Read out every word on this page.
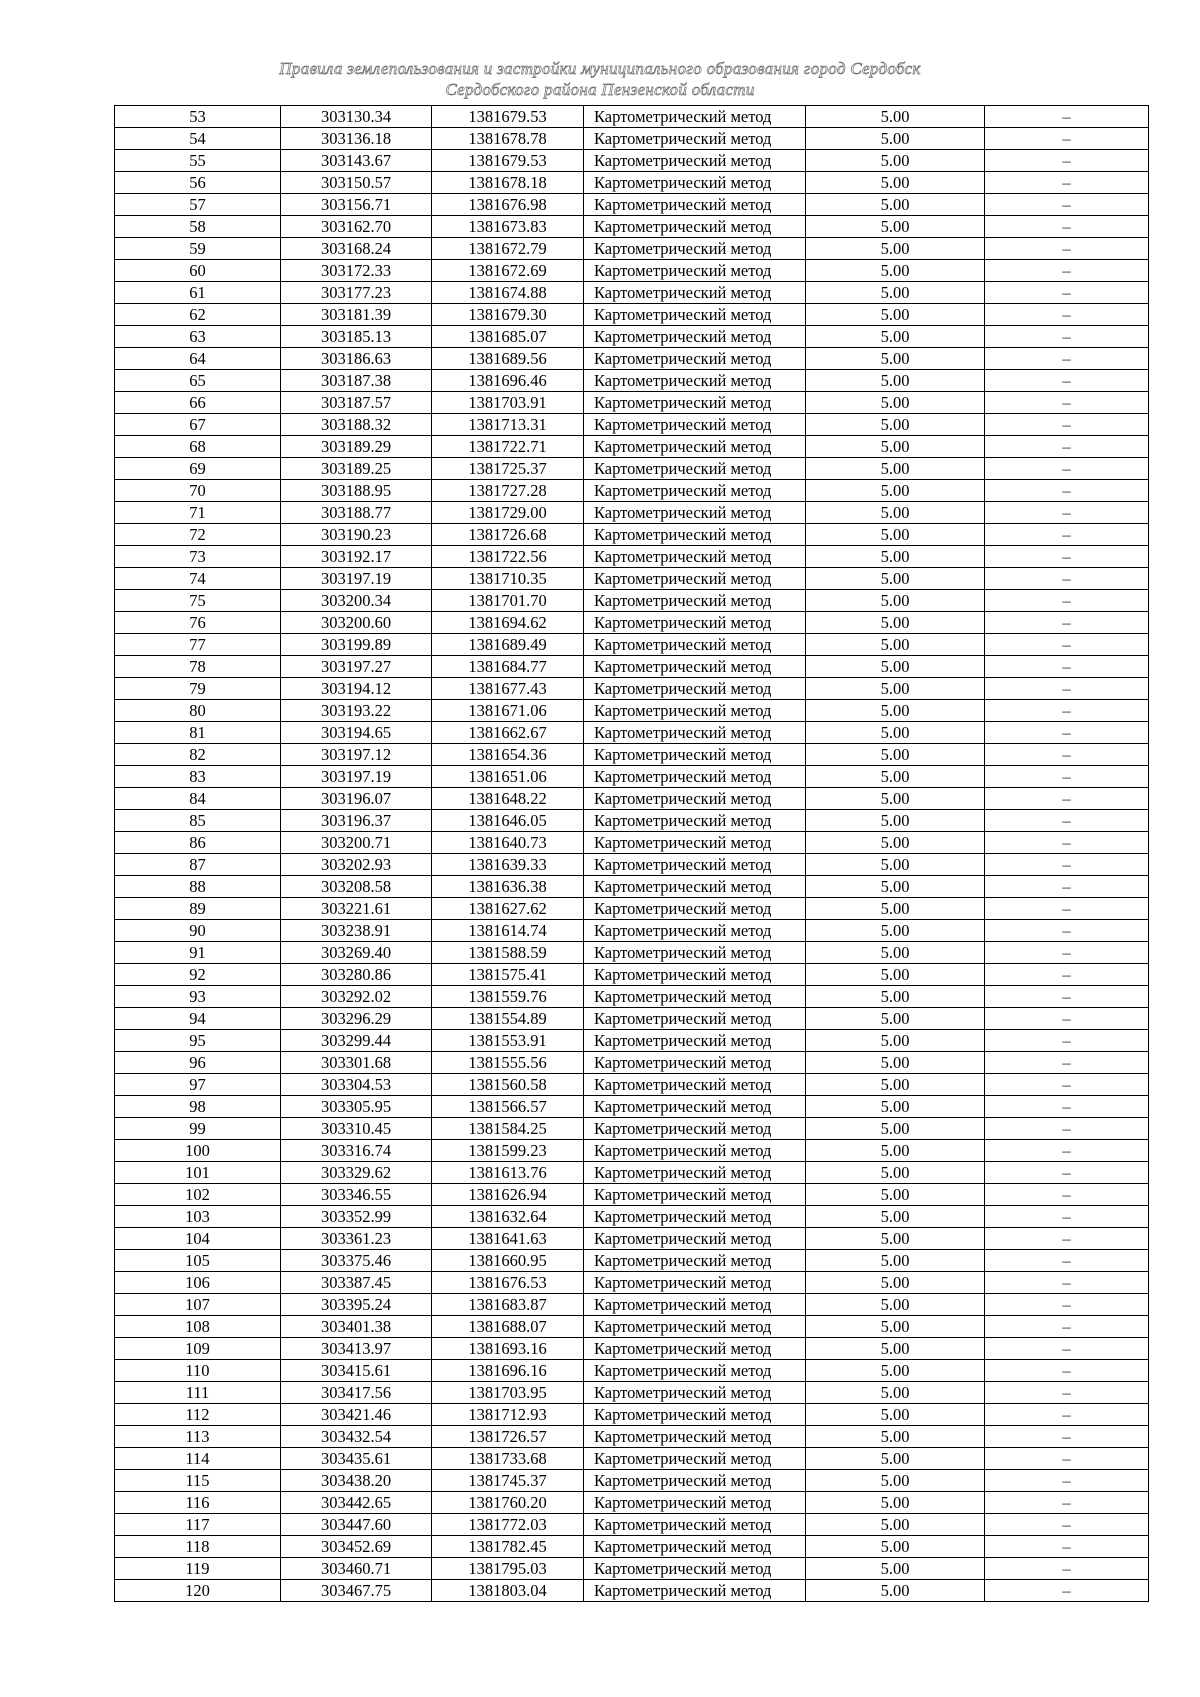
Правила землепользования и застройки муниципального образования город Сердобск
Сердобского района Пензенской области
53	303130.34	1381679.53	Картометрический метод	5.00	–
54	303136.18	1381678.78	Картометрический метод	5.00	–
55	303143.67	1381679.53	Картометрический метод	5.00	–
56	303150.57	1381678.18	Картометрический метод	5.00	–
57	303156.71	1381676.98	Картометрический метод	5.00	–
58	303162.70	1381673.83	Картометрический метод	5.00	–
59	303168.24	1381672.79	Картометрический метод	5.00	–
60	303172.33	1381672.69	Картометрический метод	5.00	–
61	303177.23	1381674.88	Картометрический метод	5.00	–
62	303181.39	1381679.30	Картометрический метод	5.00	–
63	303185.13	1381685.07	Картометрический метод	5.00	–
64	303186.63	1381689.56	Картометрический метод	5.00	–
65	303187.38	1381696.46	Картометрический метод	5.00	–
66	303187.57	1381703.91	Картометрический метод	5.00	–
67	303188.32	1381713.31	Картометрический метод	5.00	–
68	303189.29	1381722.71	Картометрический метод	5.00	–
69	303189.25	1381725.37	Картометрический метод	5.00	–
70	303188.95	1381727.28	Картометрический метод	5.00	–
71	303188.77	1381729.00	Картометрический метод	5.00	–
72	303190.23	1381726.68	Картометрический метод	5.00	–
73	303192.17	1381722.56	Картометрический метод	5.00	–
74	303197.19	1381710.35	Картометрический метод	5.00	–
75	303200.34	1381701.70	Картометрический метод	5.00	–
76	303200.60	1381694.62	Картометрический метод	5.00	–
77	303199.89	1381689.49	Картометрический метод	5.00	–
78	303197.27	1381684.77	Картометрический метод	5.00	–
79	303194.12	1381677.43	Картометрический метод	5.00	–
80	303193.22	1381671.06	Картометрический метод	5.00	–
81	303194.65	1381662.67	Картометрический метод	5.00	–
82	303197.12	1381654.36	Картометрический метод	5.00	–
83	303197.19	1381651.06	Картометрический метод	5.00	–
84	303196.07	1381648.22	Картометрический метод	5.00	–
85	303196.37	1381646.05	Картометрический метод	5.00	–
86	303200.71	1381640.73	Картометрический метод	5.00	–
87	303202.93	1381639.33	Картометрический метод	5.00	–
88	303208.58	1381636.38	Картометрический метод	5.00	–
89	303221.61	1381627.62	Картометрический метод	5.00	–
90	303238.91	1381614.74	Картометрический метод	5.00	–
91	303269.40	1381588.59	Картометрический метод	5.00	–
92	303280.86	1381575.41	Картометрический метод	5.00	–
93	303292.02	1381559.76	Картометрический метод	5.00	–
94	303296.29	1381554.89	Картометрический метод	5.00	–
95	303299.44	1381553.91	Картометрический метод	5.00	–
96	303301.68	1381555.56	Картометрический метод	5.00	–
97	303304.53	1381560.58	Картометрический метод	5.00	–
98	303305.95	1381566.57	Картометрический метод	5.00	–
99	303310.45	1381584.25	Картометрический метод	5.00	–
100	303316.74	1381599.23	Картометрический метод	5.00	–
101	303329.62	1381613.76	Картометрический метод	5.00	–
102	303346.55	1381626.94	Картометрический метод	5.00	–
103	303352.99	1381632.64	Картометрический метод	5.00	–
104	303361.23	1381641.63	Картометрический метод	5.00	–
105	303375.46	1381660.95	Картометрический метод	5.00	–
106	303387.45	1381676.53	Картометрический метод	5.00	–
107	303395.24	1381683.87	Картометрический метод	5.00	–
108	303401.38	1381688.07	Картометрический метод	5.00	–
109	303413.97	1381693.16	Картометрический метод	5.00	–
110	303415.61	1381696.16	Картометрический метод	5.00	–
111	303417.56	1381703.95	Картометрический метод	5.00	–
112	303421.46	1381712.93	Картометрический метод	5.00	–
113	303432.54	1381726.57	Картометрический метод	5.00	–
114	303435.61	1381733.68	Картометрический метод	5.00	–
115	303438.20	1381745.37	Картометрический метод	5.00	–
116	303442.65	1381760.20	Картометрический метод	5.00	–
117	303447.60	1381772.03	Картометрический метод	5.00	–
118	303452.69	1381782.45	Картометрический метод	5.00	–
119	303460.71	1381795.03	Картометрический метод	5.00	–
120	303467.75	1381803.04	Картометрический метод	5.00	–
